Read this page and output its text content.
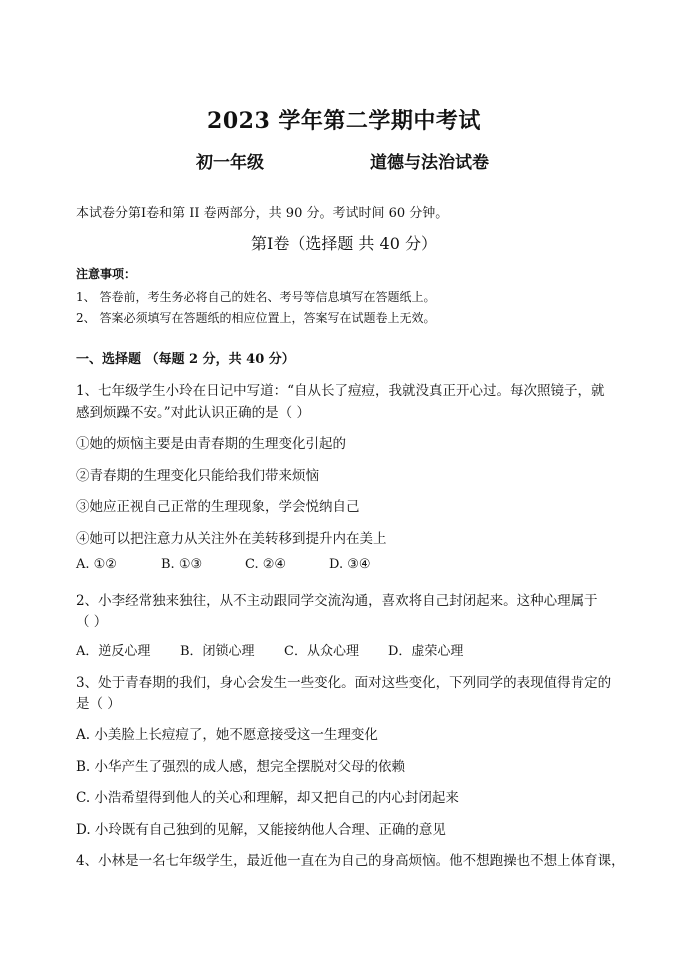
2023 学年第二学期中考试
初一年级	道德与法治试卷
本试卷分第Ⅰ卷和第 II 卷两部分，共 90 分。考试时间 60 分钟。
第Ⅰ卷（选择题 共 40 分）
注意事项：
1、 答卷前，考生务必将自己的姓名、考号等信息填写在答题纸上。
2、 答案必须填写在答题纸的相应位置上，答案写在试题卷上无效。
一、选择题 （每题 2 分，共 40 分）
1、七年级学生小玲在日记中写道：“自从长了痘痘，我就没真正开心过。每次照镜子，就
感到烦躁不安。”对此认识正确的是（ ）
①她的烦恼主要是由青春期的生理变化引起的
②青春期的生理变化只能给我们带来烦恼
③她应正视自己正常的生理现象，学会悦纳自己
④她可以把注意力从关注外在美转移到提升内在美上
A. ①②	B. ①③	C. ②④	D. ③④
2、小李经常独来独往，从不主动跟同学交流沟通，喜欢将自己封闭起来。这种心理属于
（ ）
A．逆反心理 B．闭锁心理 C．从众心理 D．虚荣心理
3、处于青春期的我们，身心会发生一些变化。面对这些变化，下列同学的表现值得肯定的
是（ ）
A. 小美脸上长痘痘了，她不愿意接受这一生理变化
B. 小华产生了强烈的成人感，想完全摆脱对父母的依赖
C. 小浩希望得到他人的关心和理解，却又把自己的内心封闭起来
D. 小玲既有自己独到的见解，又能接纳他人合理、正确的意见
4、小林是一名七年级学生，最近他一直在为自己的身高烦恼。他不想跑操也不想上体育课，
